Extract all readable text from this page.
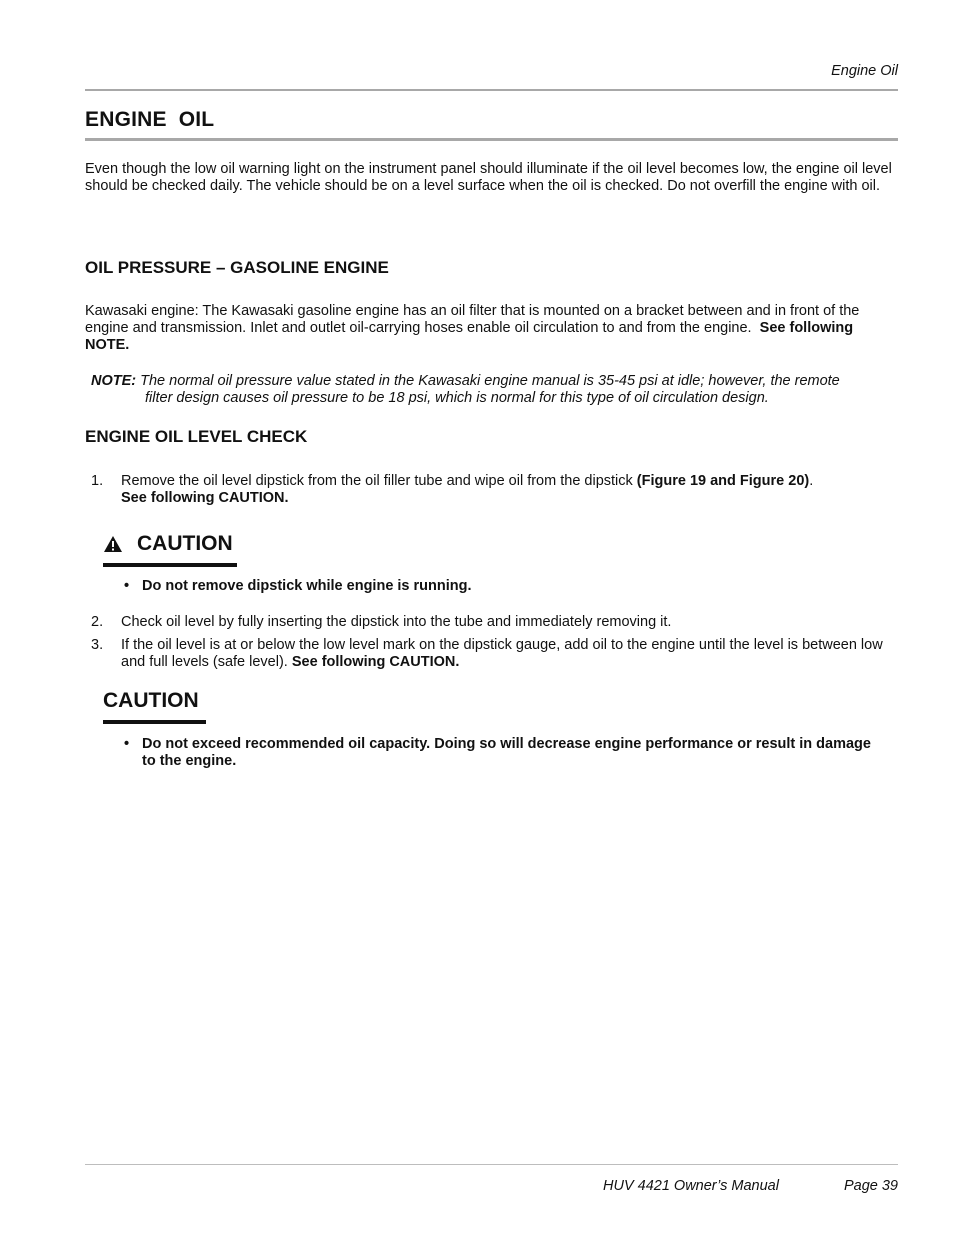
Engine Oil
ENGINE OIL
Even though the low oil warning light on the instrument panel should illuminate if the oil level becomes low, the engine oil level should be checked daily. The vehicle should be on a level surface when the oil is checked. Do not overfill the engine with oil.
OIL PRESSURE – GASOLINE ENGINE
Kawasaki engine: The Kawasaki gasoline engine has an oil filter that is mounted on a bracket between and in front of the engine and transmission. Inlet and outlet oil-carrying hoses enable oil circulation to and from the engine. See following NOTE.
NOTE: The normal oil pressure value stated in the Kawasaki engine manual is 35-45 psi at idle; however, the remote
filter design causes oil pressure to be 18 psi, which is normal for this type of oil circulation design.
ENGINE OIL LEVEL CHECK
1. Remove the oil level dipstick from the oil filler tube and wipe oil from the dipstick (Figure 19 and Figure 20).
See following CAUTION.
CAUTION
• Do not remove dipstick while engine is running.
2. Check oil level by fully inserting the dipstick into the tube and immediately removing it.
3. If the oil level is at or below the low level mark on the dipstick gauge, add oil to the engine until the level is between low and full levels (safe level). See following CAUTION.
CAUTION
• Do not exceed recommended oil capacity. Doing so will decrease engine performance or result in damage to the engine.
HUV 4421 Owner’s Manual	Page 39
